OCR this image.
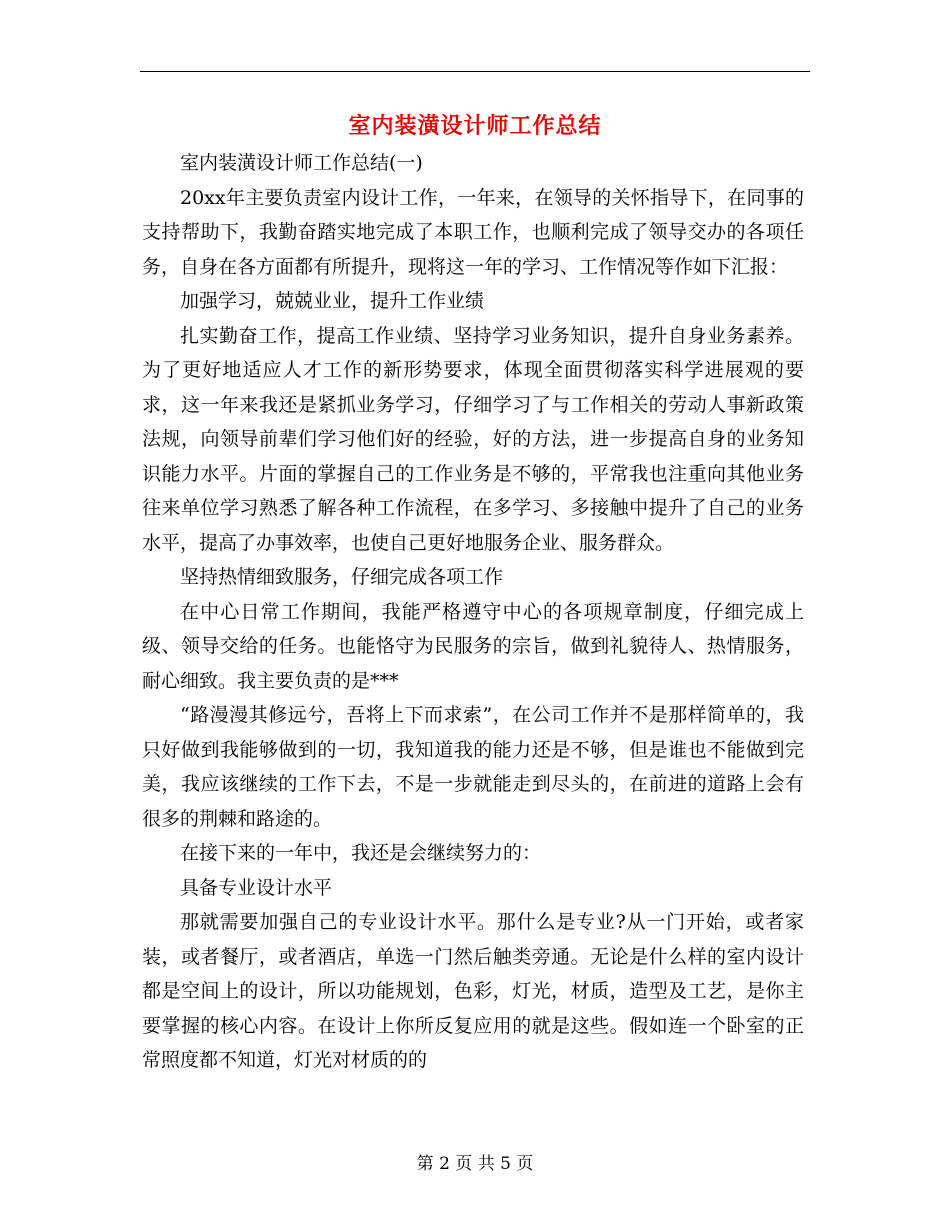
室内装潢设计师工作总结

室内装潢设计师工作总结(一)

20xx年主要负责室内设计工作，一年来，在领导的关怀指导下，在同事的支持帮助下，我勤奋踏实地完成了本职工作，也顺利完成了领导交办的各项任务，自身在各方面都有所提升，现将这一年的学习、工作情况等作如下汇报：

加强学习，兢兢业业，提升工作业绩

扎实勤奋工作，提高工作业绩、坚持学习业务知识，提升自身业务素养。为了更好地适应人才工作的新形势要求，体现全面贯彻落实科学进展观的要求，这一年来我还是紧抓业务学习，仔细学习了与工作相关的劳动人事新政策法规，向领导前辈们学习他们好的经验，好的方法，进一步提高自身的业务知识能力水平。片面的掌握自己的工作业务是不够的，平常我也注重向其他业务往来单位学习熟悉了解各种工作流程，在多学习、多接触中提升了自己的业务水平，提高了办事效率，也使自己更好地服务企业、服务群众。

坚持热情细致服务，仔细完成各项工作

在中心日常工作期间，我能严格遵守中心的各项规章制度，仔细完成上级、领导交给的任务。也能恪守为民服务的宗旨，做到礼貌待人、热情服务，耐心细致。我主要负责的是***

“路漫漫其修远兮，吾将上下而求索”，在公司工作并不是那样简单的，我只好做到我能够做到的一切，我知道我的能力还是不够，但是谁也不能做到完美，我应该继续的工作下去，不是一步就能走到尽头的，在前进的道路上会有很多的荆棘和路途的。

在接下来的一年中，我还是会继续努力的：

具备专业设计水平

那就需要加强自己的专业设计水平。那什么是专业?从一门开始，或者家装，或者餐厅，或者酒店，单选一门然后触类旁通。无论是什么样的室内设计都是空间上的设计，所以功能规划，色彩，灯光，材质，造型及工艺，是你主要掌握的核心内容。在设计上你所反复应用的就是这些。假如连一个卧室的正常照度都不知道，灯光对材质的的

第 2 页 共 5 页
